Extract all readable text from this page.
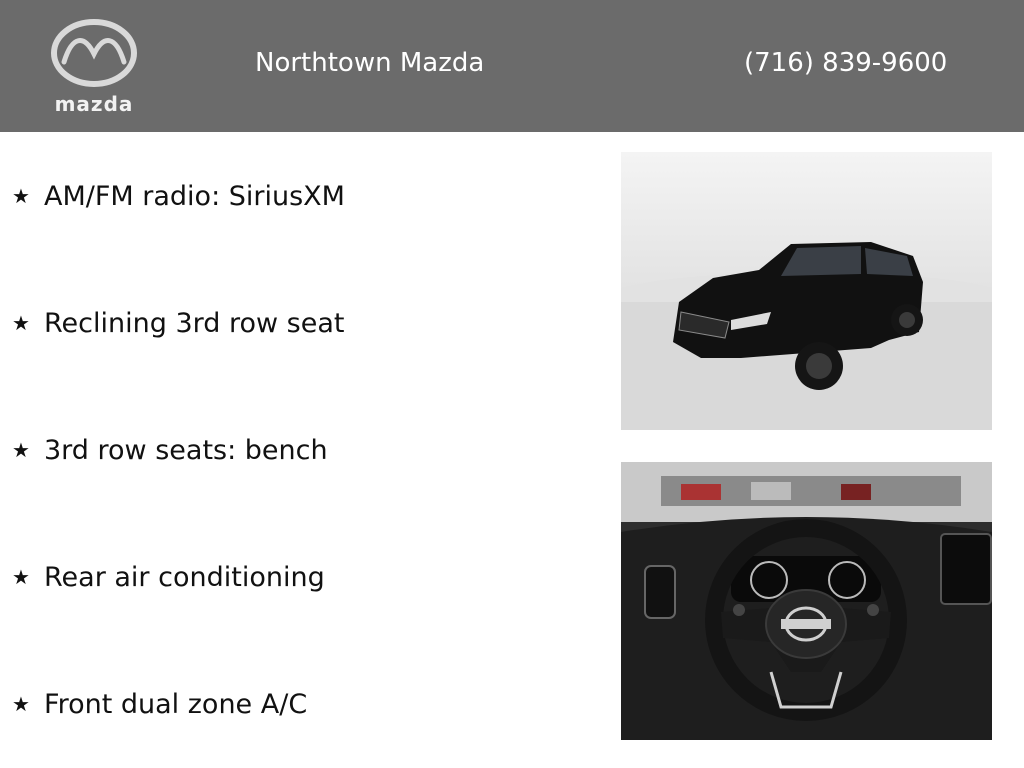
mazda
Northtown Mazda	(716) 839-9600
★ AM/FM radio: SiriusXM
★ Reclining 3rd row seat
★ 3rd row seats: bench
★ Rear air conditioning
★ Front dual zone A/C
